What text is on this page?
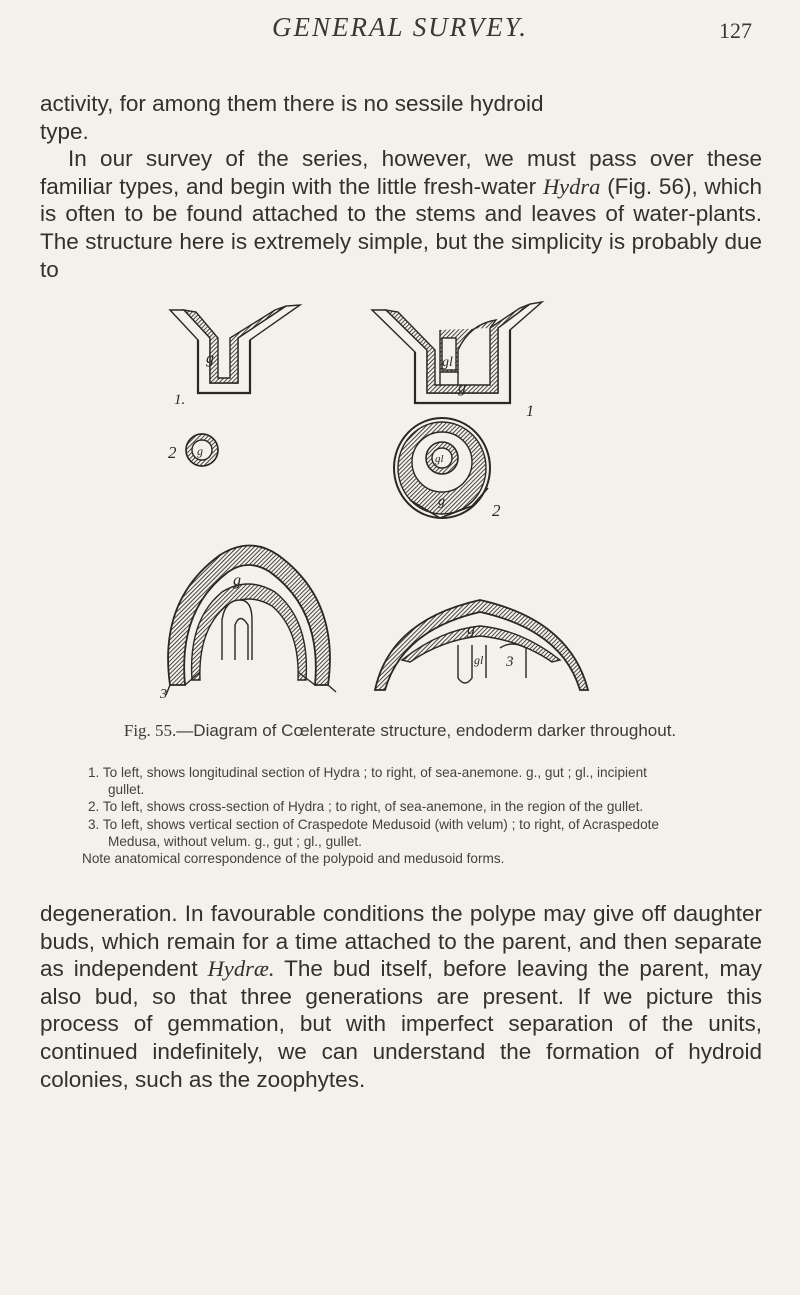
GENERAL SURVEY.	127

activity, for among them there is no sessile hydroid
type.

In our survey of the series, however, we must pass over these familiar types, and begin with the little fresh-water Hydra (Fig. 56), which is often to be found attached to the stems and leaves of water-plants. The structure here is extremely simple, but the simplicity is probably due to

g
1.
gl
g
1
2 g
gl
g	2
g
3
g
gl 3
Fig. 55.—Diagram of Cœlenterate structure, endoderm darker throughout.

1. To left, shows longitudinal section of Hydra ; to right, of sea-anemone. g., gut ; gl., incipient gullet.

2. To left, shows cross-section of Hydra ; to right, of sea-anemone, in the region of the gullet.

3. To left, shows vertical section of Craspedote Medusoid (with velum) ; to right, of Acraspedote Medusa, without velum. g., gut ; gl., gullet.

Note anatomical correspondence of the polypoid and medusoid forms.

degeneration. In favourable conditions the polype may give off daughter buds, which remain for a time attached to the parent, and then separate as independent Hydræ. The bud itself, before leaving the parent, may also bud, so that three generations are present. If we picture this process of gemmation, but with imperfect separation of the units, continued indefinitely, we can understand the formation of hydroid colonies, such as the zoophytes.
